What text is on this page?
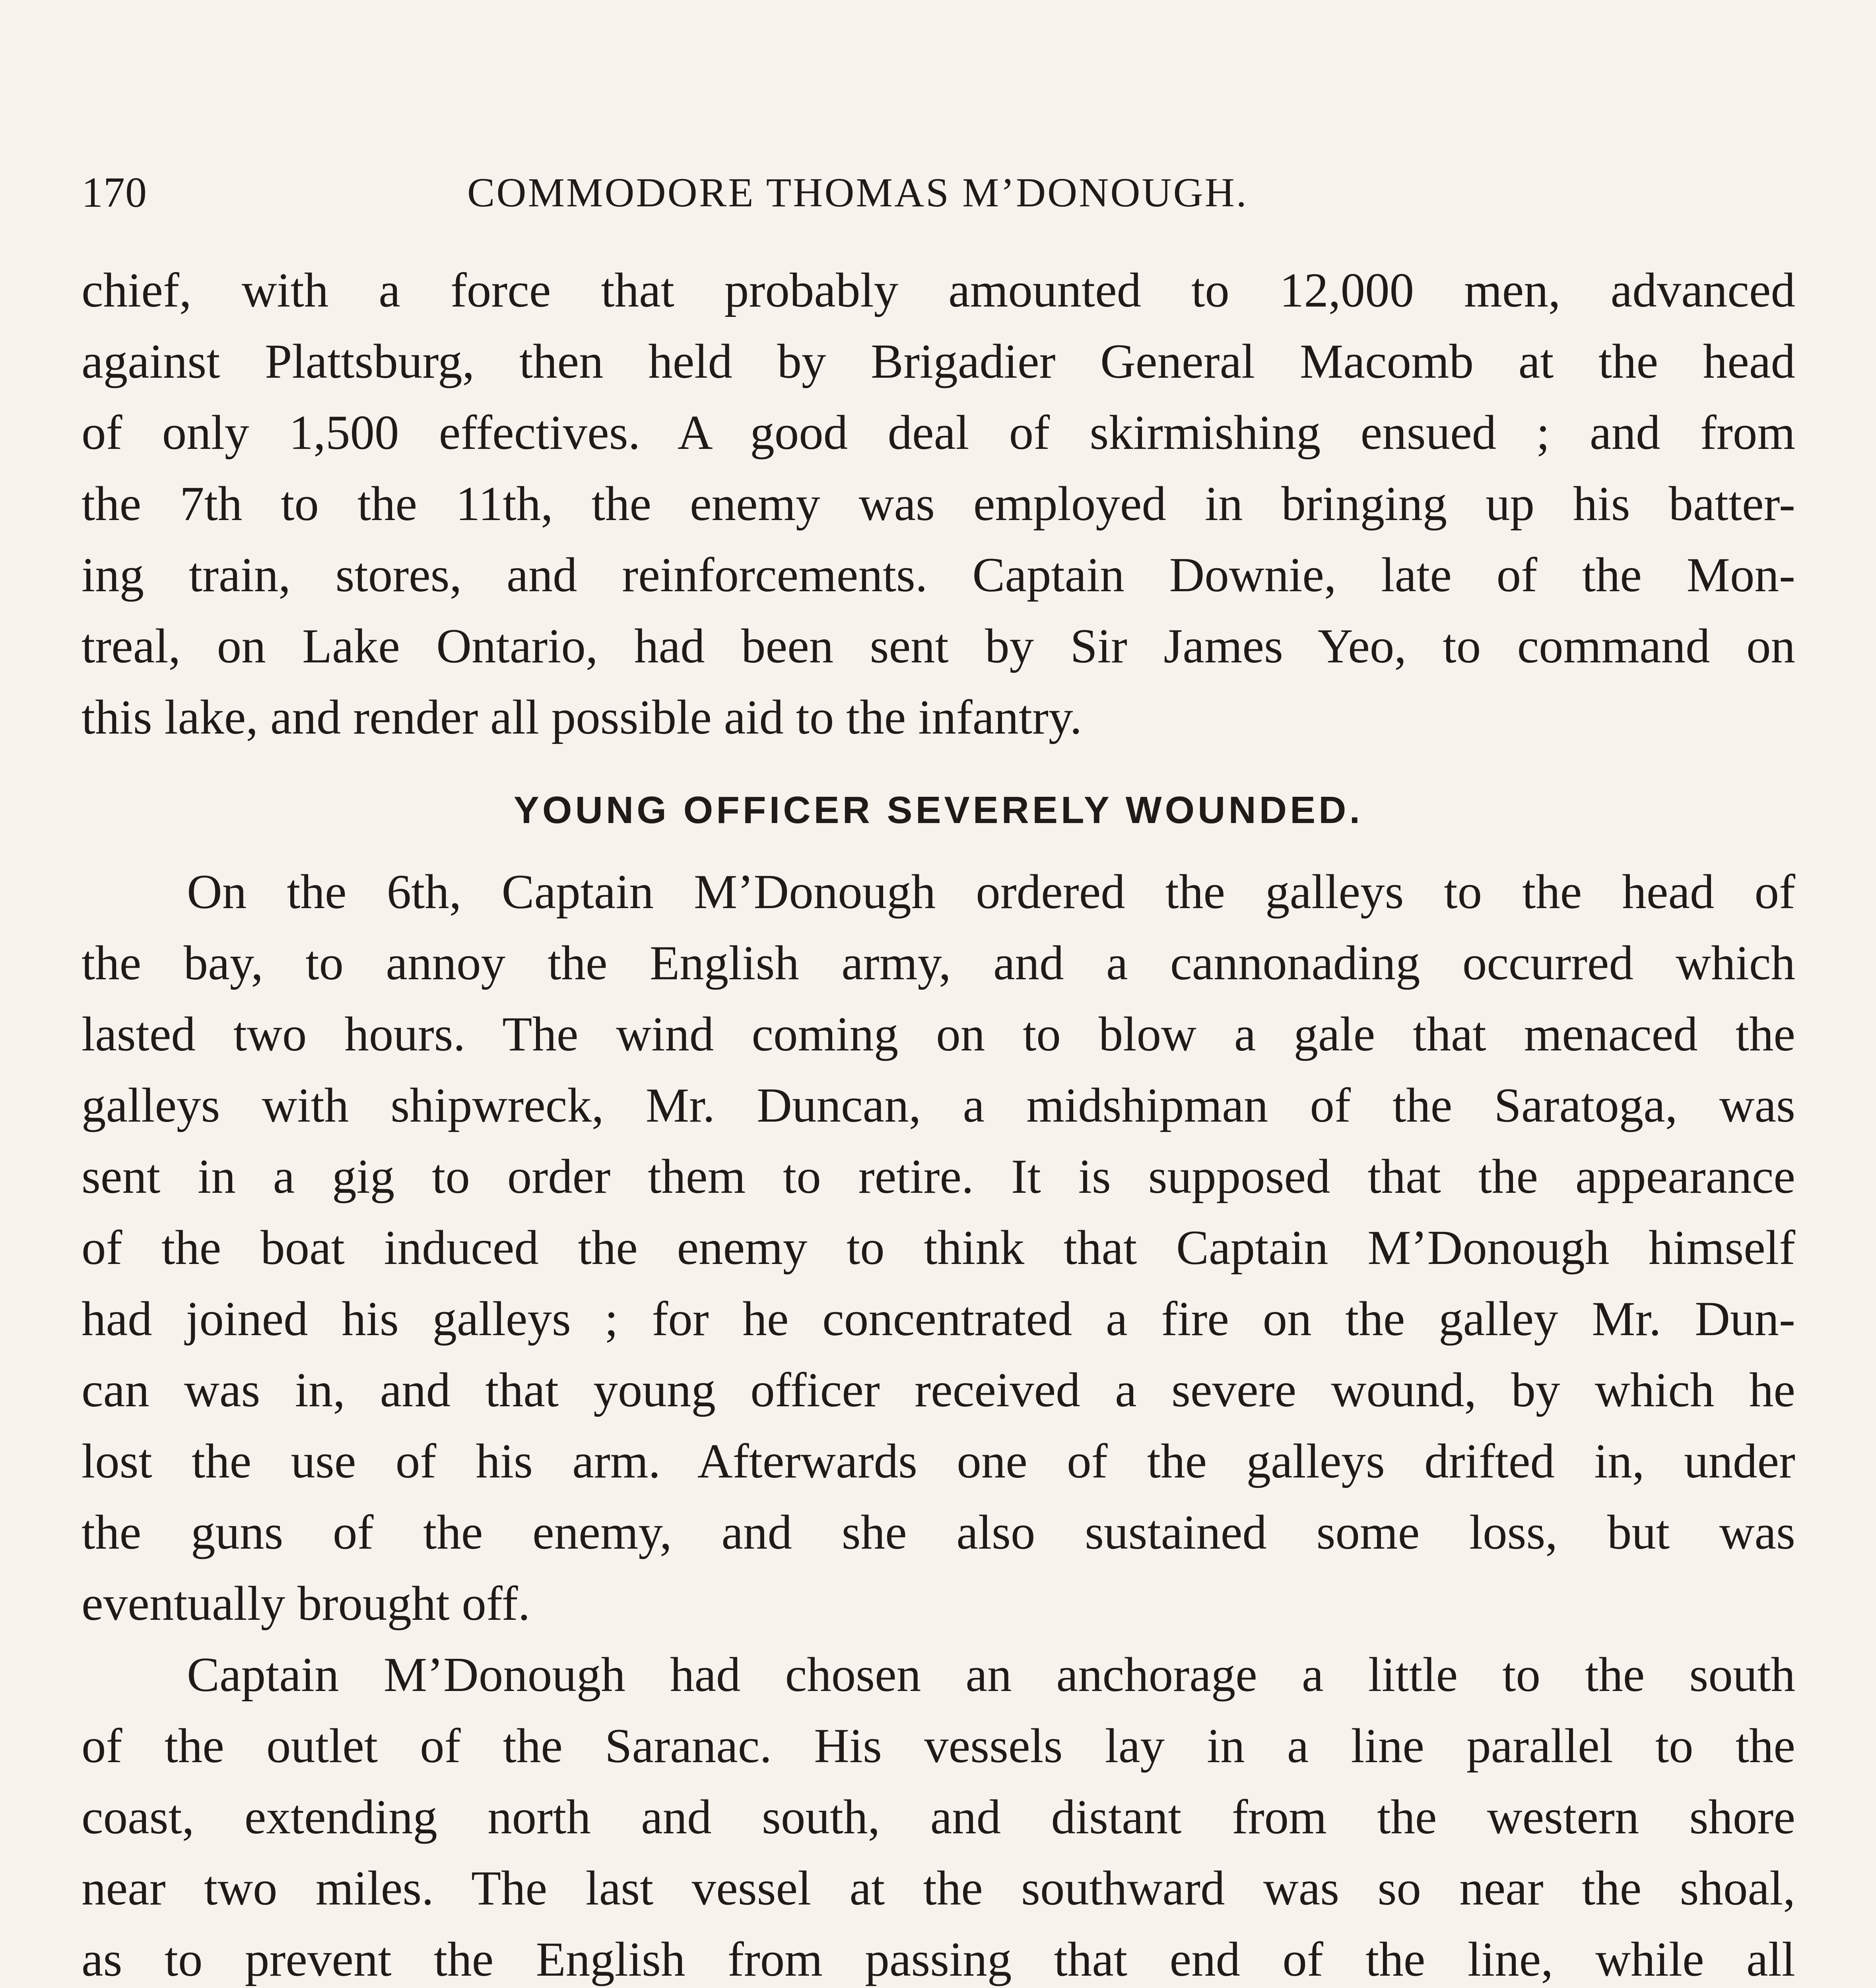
170	COMMODORE THOMAS M’DONOUGH.
chief, with a force that probably amounted to 12,000 men, advanced
against Plattsburg, then held by Brigadier General Macomb at the head
of only 1,500 effectives. A good deal of skirmishing ensued ; and from
the 7th to the 11th, the enemy was employed in bringing up his batter-
ing train, stores, and reinforcements. Captain Downie, late of the Mon-
treal, on Lake Ontario, had been sent by Sir James Yeo, to command on
this lake, and render all possible aid to the infantry.
YOUNG OFFICER SEVERELY WOUNDED.
On the 6th, Captain M’Donough ordered the galleys to the head of
the bay, to annoy the English army, and a cannonading occurred which
lasted two hours. The wind coming on to blow a gale that menaced the
galleys with shipwreck, Mr. Duncan, a midshipman of the Saratoga, was
sent in a gig to order them to retire. It is supposed that the appearance
of the boat induced the enemy to think that Captain M’Donough himself
had joined his galleys ; for he concentrated a fire on the galley Mr. Dun-
can was in, and that young officer received a severe wound, by which he
lost the use of his arm. Afterwards one of the galleys drifted in, under
the guns of the enemy, and she also sustained some loss, but was
eventually brought off.
Captain M’Donough had chosen an anchorage a little to the south
of the outlet of the Saranac. His vessels lay in a line parallel to the
coast, extending north and south, and distant from the western shore
near two miles. The last vessel at the southward was so near the shoal,
as to prevent the English from passing that end of the line, while all
